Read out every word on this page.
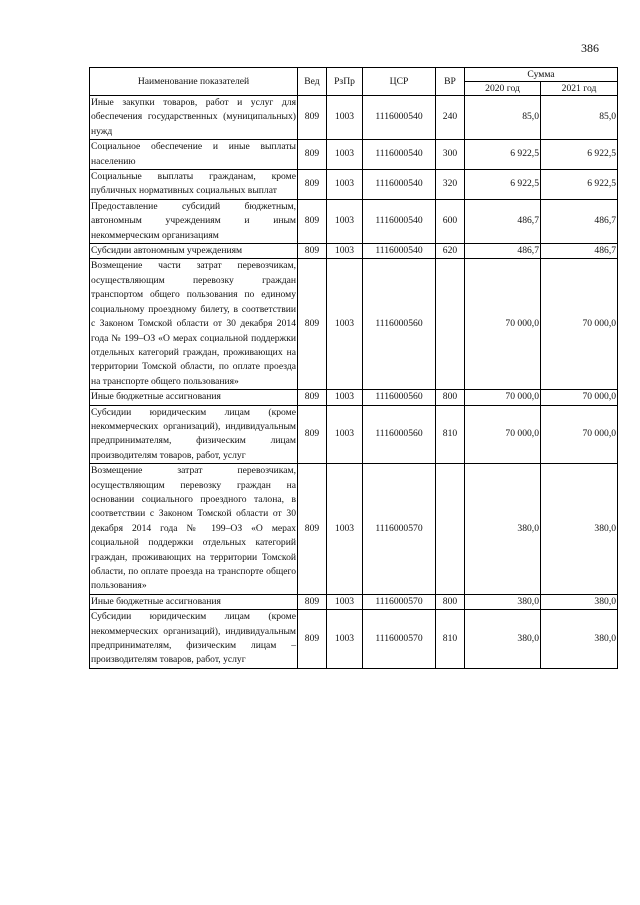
386
Наименование показателей	Вед	РзПр	ЦСР	ВР	Сумма	
					2020 год	2021 год
Иные закупки товаров, работ и услуг для обеспечения государственных (муниципальных) нужд	809	1003	1116000540	240	85,0	85,0
Социальное обеспечение и иные выплаты населению	809	1003	1116000540	300	6 922,5	6 922,5
Социальные выплаты гражданам, кроме публичных нормативных социальных выплат	809	1003	1116000540	320	6 922,5	6 922,5
Предоставление субсидий бюджетным, автономным учреждениям и иным некоммерческим организациям	809	1003	1116000540	600	486,7	486,7
Субсидии автономным учреждениям	809	1003	1116000540	620	486,7	486,7
Возмещение части затрат перевозчикам, осуществляющим перевозку граждан транспортом общего пользования по единому социальному проездному билету, в соответствии с Законом Томской области от 30 декабря 2014 года № 199–ОЗ «О мерах социальной поддержки отдельных категорий граждан, проживающих на территории Томской области, по оплате проезда на транспорте общего пользования»	809	1003	1116000560		70 000,0	70 000,0
Иные бюджетные ассигнования	809	1003	1116000560	800	70 000,0	70 000,0
Субсидии юридическим лицам (кроме некоммерческих организаций), индивидуальным предпринимателям, физическим лицам производителям товаров, работ, услуг	809	1003	1116000560	810	70 000,0	70 000,0
Возмещение затрат перевозчикам, осуществляющим перевозку граждан на основании социального проездного талона, в соответствии с Законом Томской области от 30 декабря 2014 года № 199–ОЗ «О мерах социальной поддержки отдельных категорий граждан, проживающих на территории Томской области, по оплате проезда на транспорте общего пользования»	809	1003	1116000570		380,0	380,0
Иные бюджетные ассигнования	809	1003	1116000570	800	380,0	380,0
Субсидии юридическим лицам (кроме некоммерческих организаций), индивидуальным предпринимателям, физическим лицам – производителям товаров, работ, услуг	809	1003	1116000570	810	380,0	380,0
